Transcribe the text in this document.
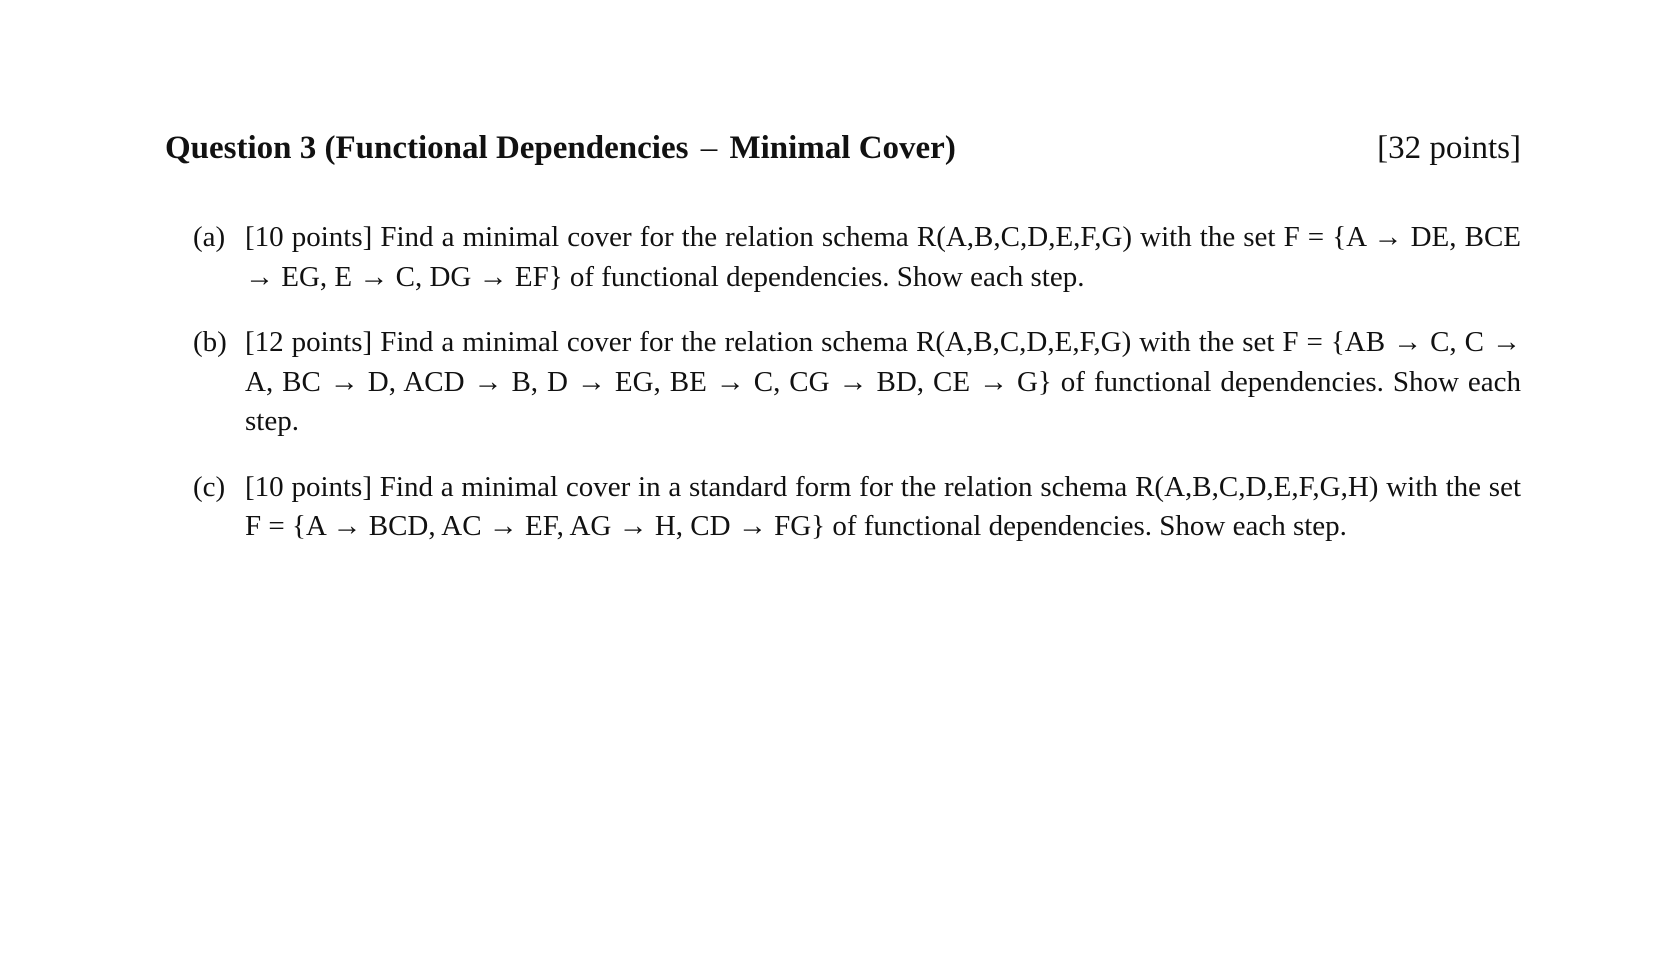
Question 3 (Functional Dependencies – Minimal Cover)	[32 points]
(a) [10 points] Find a minimal cover for the relation schema R(A,B,C,D,E,F,G) with the set F = {A → DE, BCE → EG, E → C, DG → EF} of functional dependencies. Show each step.
(b) [12 points] Find a minimal cover for the relation schema R(A,B,C,D,E,F,G) with the set F = {AB → C, C → A, BC → D, ACD → B, D → EG, BE → C, CG → BD, CE → G} of functional dependencies. Show each step.
(c) [10 points] Find a minimal cover in a standard form for the relation schema R(A,B,C,D,E,F,G,H) with the set F = {A → BCD, AC → EF, AG → H, CD → FG} of functional dependencies. Show each step.
